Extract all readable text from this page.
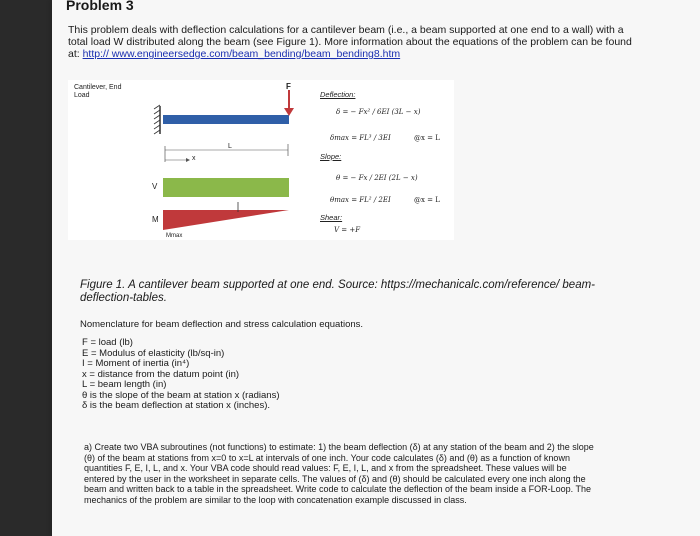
Problem 3
This problem deals with deflection calculations for a cantilever beam (i.e., a beam supported at one end to a wall) with a total load W distributed along the beam (see Figure 1). More information about the equations of the problem can be found at: http:// www.engineersedge.com/beam_bending/beam_bending8.htm
Cantilever, End Load
F
L
x
V
M
Mmax
Deflection:
δ = − Fx² / 6EI (3L − x)
δmax = FL³ / 3EI	@x = L
Slope:
θ = − Fx / 2EI (2L − x)
θmax = FL² / 2EI	@x = L
Shear:
V = +F
Figure 1. A cantilever beam supported at one end. Source: https://mechanicalc.com/reference/ beam-deflection-tables.
Nomenclature for beam deflection and stress calculation equations.
F = load (lb)
E = Modulus of elasticity (lb/sq-in)
I = Moment of inertia (in⁴)
x = distance from the datum point (in)
L = beam length (in)
θ is the slope of the beam at station x (radians)
δ is the beam deflection at station x (inches).
a) Create two VBA subroutines (not functions) to estimate: 1) the beam deflection (δ) at any station of the beam and 2) the slope (θ) of the beam at stations from x=0 to x=L at intervals of one inch. Your code calculates (δ) and (θ) as a function of known quantities F, E, I, L, and x. Your VBA code should read values: F, E, I, L, and x from the spreadsheet. These values will be entered by the user in the worksheet in separate cells. The values of (δ) and (θ) should be calculated every one inch along the beam and written back to a table in the spreadsheet. Write code to calculate the deflection of the beam inside a FOR-Loop. The mechanics of the problem are similar to the loop with concatenation example discussed in class.
